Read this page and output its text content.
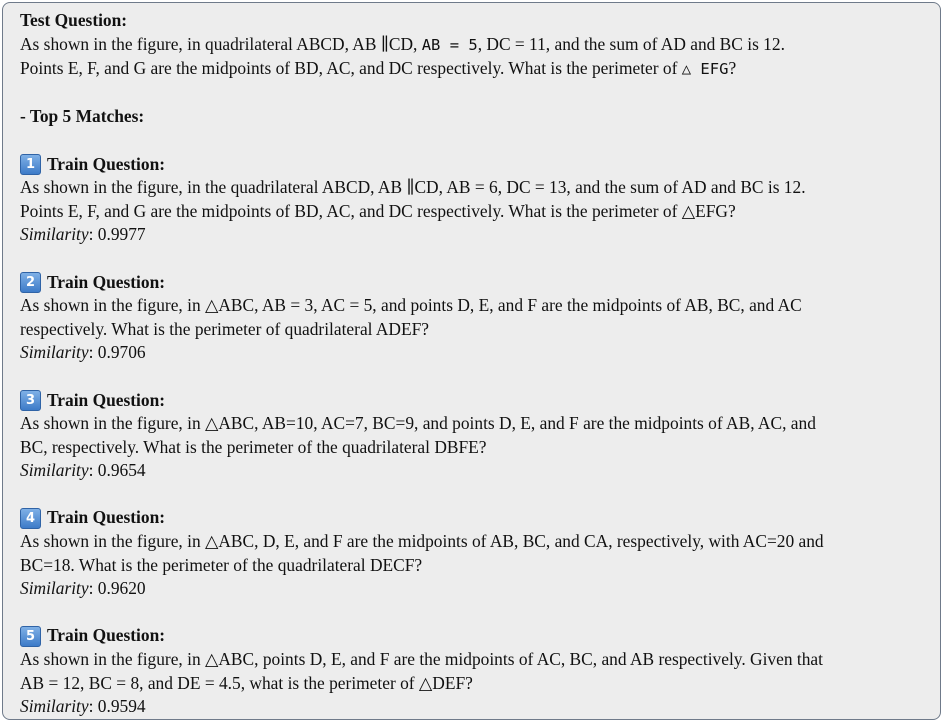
Test Question:
As shown in the figure, in quadrilateral ABCD, AB ∥CD, AB = 5, DC = 11, and the sum of AD and BC is 12.
Points E, F, and G are the midpoints of BD, AC, and DC respectively. What is the perimeter of △ EFG?
- Top 5 Matches:
1 Train Question:
As shown in the figure, in the quadrilateral ABCD, AB ∥CD, AB = 6, DC = 13, and the sum of AD and BC is 12.
Points E, F, and G are the midpoints of BD, AC, and DC respectively. What is the perimeter of △EFG?
Similarity: 0.9977
2 Train Question:
As shown in the figure, in △ABC, AB = 3, AC = 5, and points D, E, and F are the midpoints of AB, BC, and AC
respectively. What is the perimeter of quadrilateral ADEF?
Similarity: 0.9706
3 Train Question:
As shown in the figure, in △ABC, AB=10, AC=7, BC=9, and points D, E, and F are the midpoints of AB, AC, and
BC, respectively. What is the perimeter of the quadrilateral DBFE?
Similarity: 0.9654
4 Train Question:
As shown in the figure, in △ABC, D, E, and F are the midpoints of AB, BC, and CA, respectively, with AC=20 and
BC=18. What is the perimeter of the quadrilateral DECF?
Similarity: 0.9620
5 Train Question:
As shown in the figure, in △ABC, points D, E, and F are the midpoints of AC, BC, and AB respectively. Given that
AB = 12, BC = 8, and DE = 4.5, what is the perimeter of △DEF?
Similarity: 0.9594
